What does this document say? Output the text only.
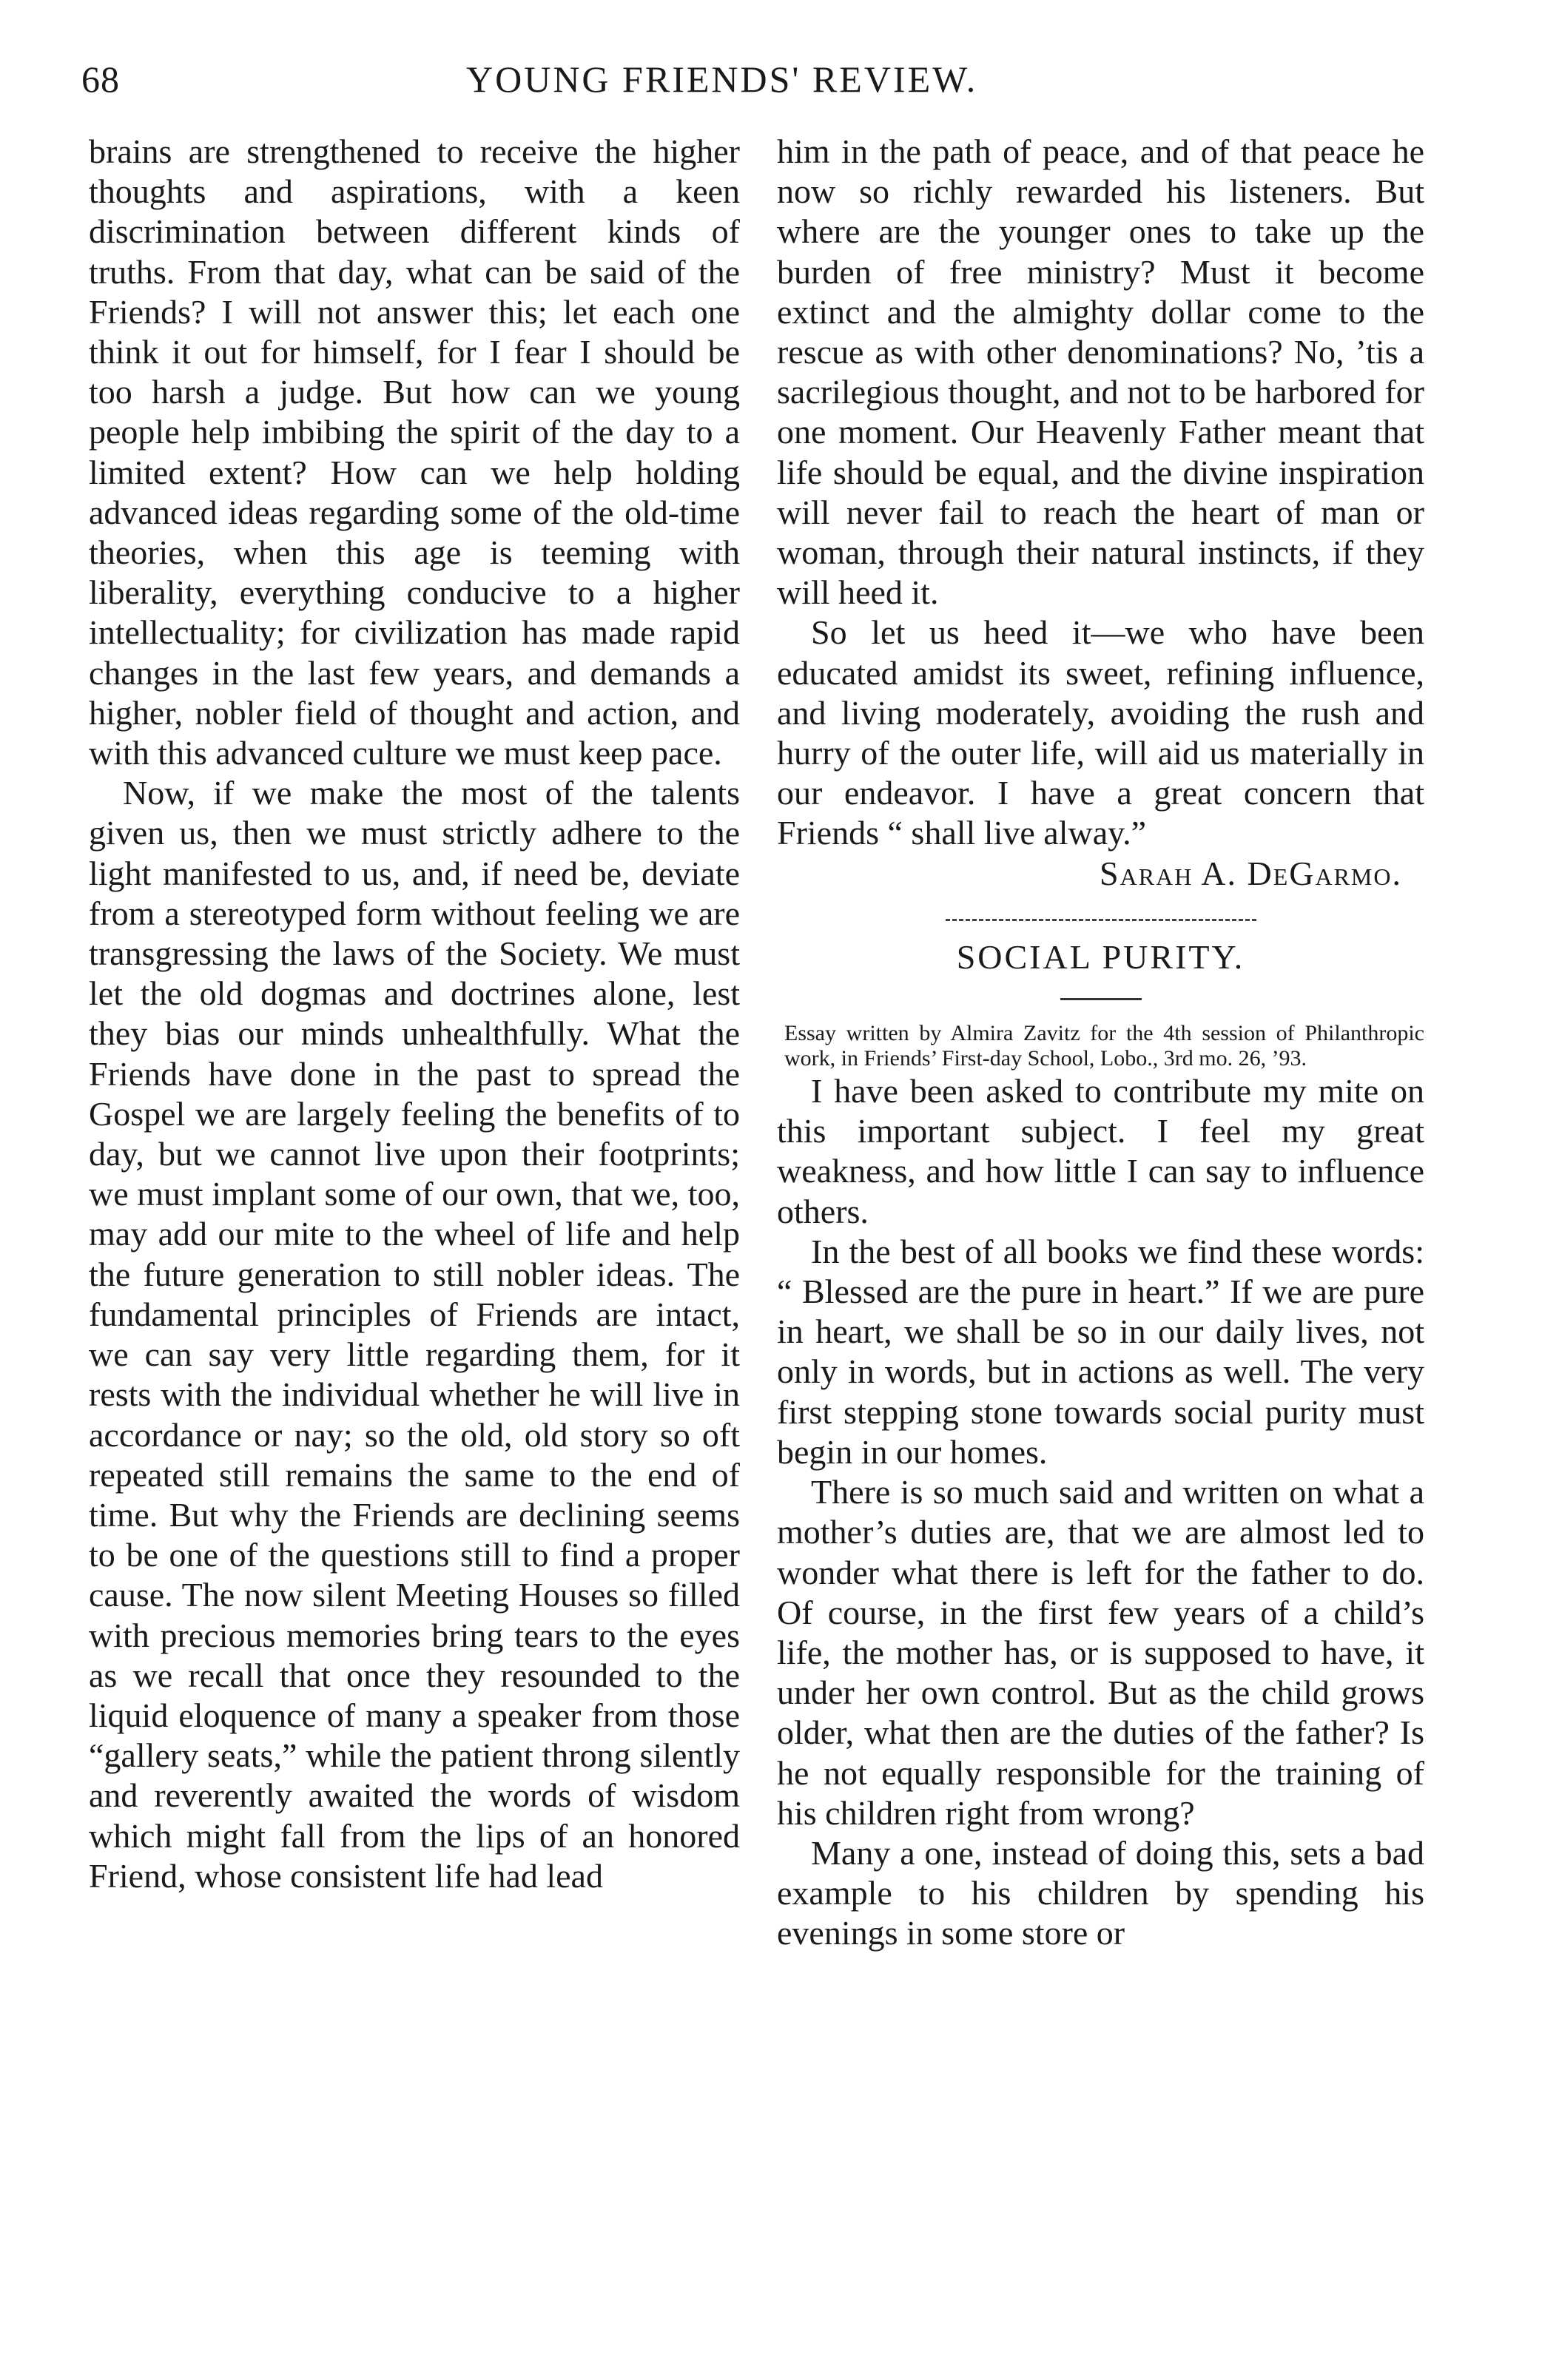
68	YOUNG FRIENDS' REVIEW.

brains are strengthened to receive the higher thoughts and aspirations, with a keen discrimination between different kinds of truths. From that day, what can be said of the Friends? I will not answer this; let each one think it out for himself, for I fear I should be too harsh a judge. But how can we young people help imbibing the spirit of the day to a limited extent? How can we help holding advanced ideas regarding some of the old-time theories, when this age is teeming with liberality, everything conducive to a higher intellectuality; for civilization has made rapid changes in the last few years, and demands a higher, nobler field of thought and action, and with this advanced culture we must keep pace.

Now, if we make the most of the talents given us, then we must strictly adhere to the light manifested to us, and, if need be, deviate from a stereotyped form without feeling we are transgressing the laws of the Society. We must let the old dogmas and doctrines alone, lest they bias our minds unhealthfully. What the Friends have done in the past to spread the Gospel we are largely feeling the benefits of to day, but we cannot live upon their footprints; we must implant some of our own, that we, too, may add our mite to the wheel of life and help the future generation to still nobler ideas. The fundamental principles of Friends are intact, we can say very little regarding them, for it rests with the individual whether he will live in accordance or nay; so the old, old story so oft repeated still remains the same to the end of time. But why the Friends are declining seems to be one of the questions still to find a proper cause. The now silent Meeting Houses so filled with precious memories bring tears to the eyes as we recall that once they resounded to the liquid eloquence of many a speaker from those “gallery seats,” while the patient throng silently and reverently awaited the words of wisdom which might fall from the lips of an honored Friend, whose consistent life had lead

him in the path of peace, and of that peace he now so richly rewarded his listeners. But where are the younger ones to take up the burden of free ministry? Must it become extinct and the almighty dollar come to the rescue as with other denominations? No, ’tis a sacrilegious thought, and not to be harbored for one moment. Our Heavenly Father meant that life should be equal, and the divine inspiration will never fail to reach the heart of man or woman, through their natural instincts, if they will heed it.

So let us heed it—we who have been educated amidst its sweet, refining influence, and living moderately, avoiding the rush and hurry of the outer life, will aid us materially in our endeavor. I have a great concern that Friends “ shall live alway.”

Sarah A. DeGarmo.

SOCIAL PURITY.

Essay written by Almira Zavitz for the 4th session of Philanthropic work, in Friends’ First-day School, Lobo., 3rd mo. 26, ’93.

I have been asked to contribute my mite on this important subject. I feel my great weakness, and how little I can say to influence others.

In the best of all books we find these words: “ Blessed are the pure in heart.” If we are pure in heart, we shall be so in our daily lives, not only in words, but in actions as well. The very first stepping stone towards social purity must begin in our homes.

There is so much said and written on what a mother’s duties are, that we are almost led to wonder what there is left for the father to do. Of course, in the first few years of a child’s life, the mother has, or is supposed to have, it under her own control. But as the child grows older, what then are the duties of the father? Is he not equally responsible for the training of his children right from wrong?

Many a one, instead of doing this, sets a bad example to his children by spending his evenings in some store or
